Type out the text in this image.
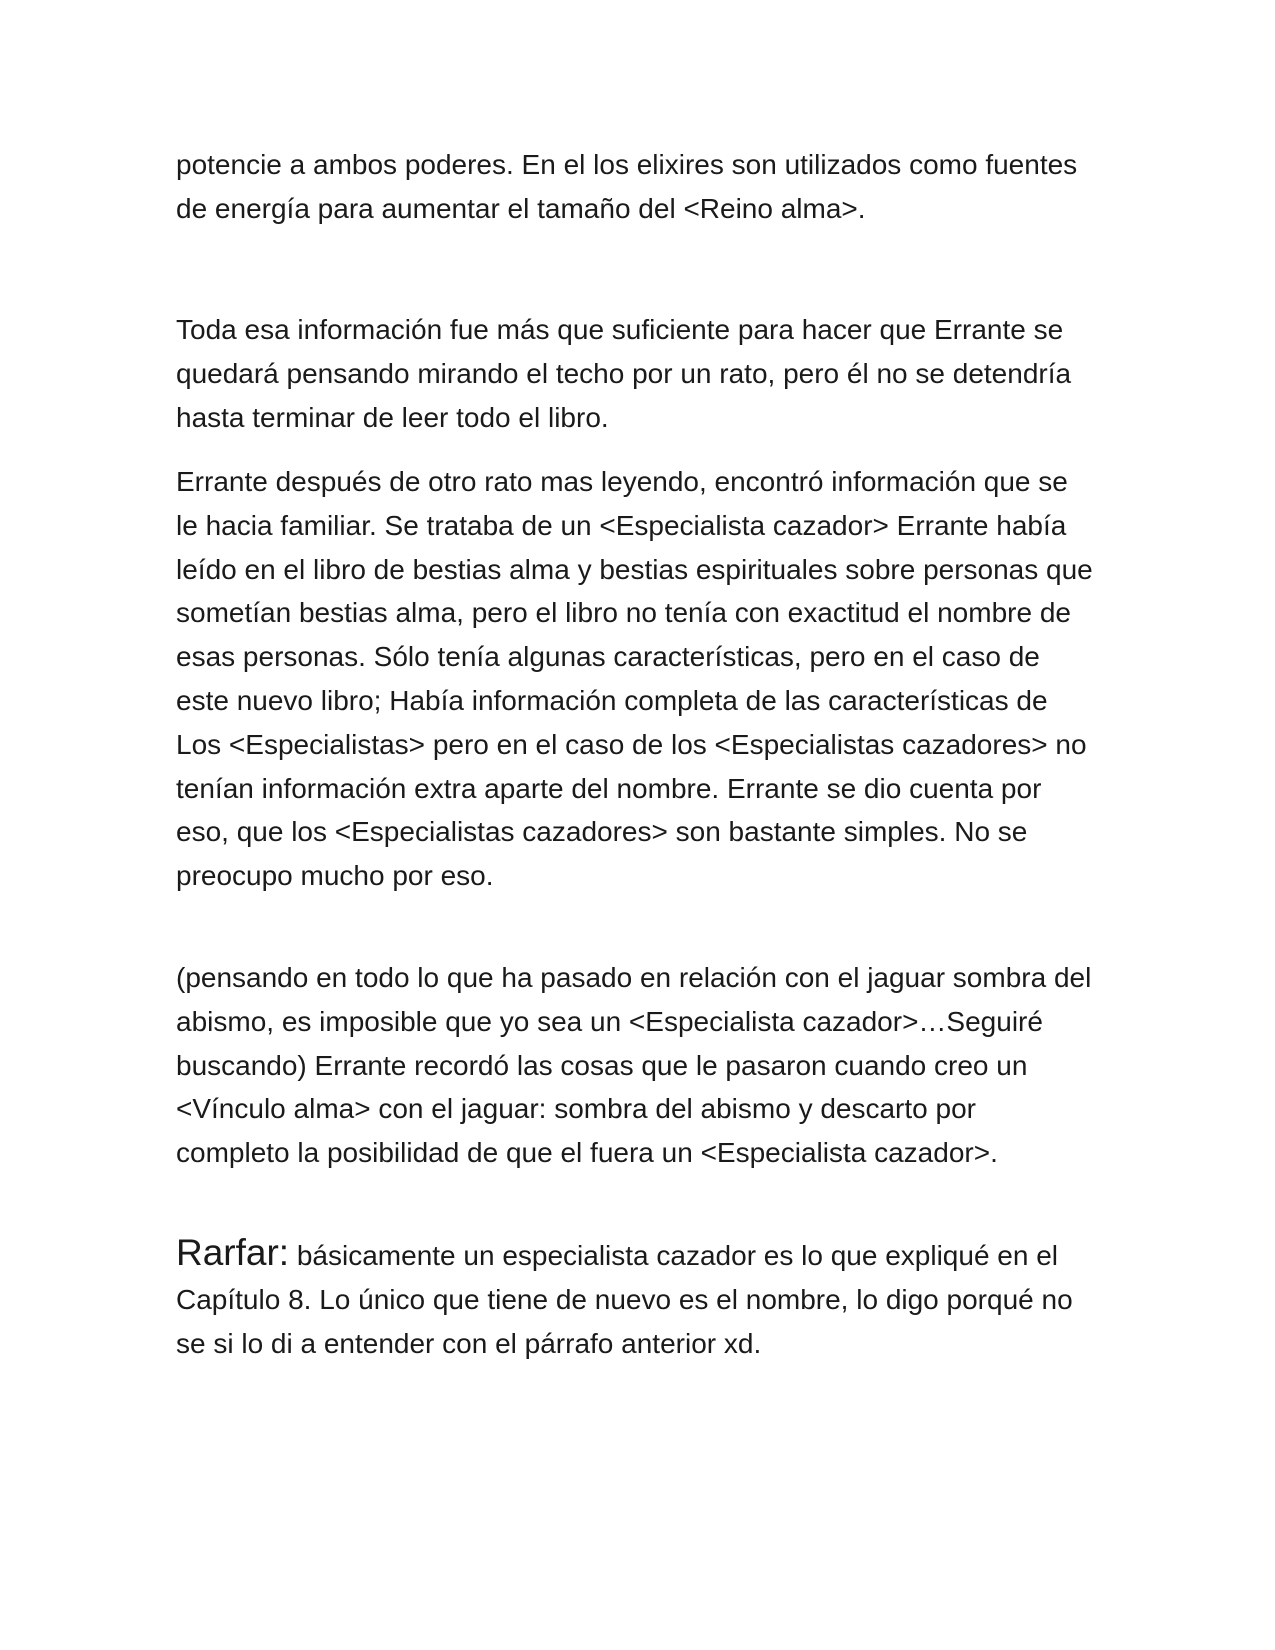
potencie a ambos poderes. En el los elixires son utilizados como fuentes de energía para aumentar el tamaño del <Reino alma>.

Toda esa información fue más que suficiente para hacer que Errante se quedará pensando mirando el techo por un rato, pero él no se detendría hasta terminar de leer todo el libro.

Errante después de otro rato mas leyendo, encontró información que se le hacia familiar. Se trataba de un <Especialista cazador> Errante había leído en el libro de bestias alma y bestias espirituales sobre personas que sometían bestias alma, pero el libro no tenía con exactitud el nombre de esas personas. Sólo tenía algunas características, pero en el caso de este nuevo libro; Había información completa de las características de Los <Especialistas> pero en el caso de los <Especialistas cazadores> no tenían información extra aparte del nombre. Errante se dio cuenta por eso, que los <Especialistas cazadores> son bastante simples. No se preocupo mucho por eso.

(pensando en todo lo que ha pasado en relación con el jaguar sombra del abismo, es imposible que yo sea un <Especialista cazador>…Seguiré buscando) Errante recordó las cosas que le pasaron cuando creo un <Vínculo alma> con el jaguar: sombra del abismo y descarto por completo la posibilidad de que el fuera un <Especialista cazador>.

Rarfar: básicamente un especialista cazador es lo que expliqué en el Capítulo 8. Lo único que tiene de nuevo es el nombre, lo digo porqué no se si lo di a entender con el párrafo anterior xd.
